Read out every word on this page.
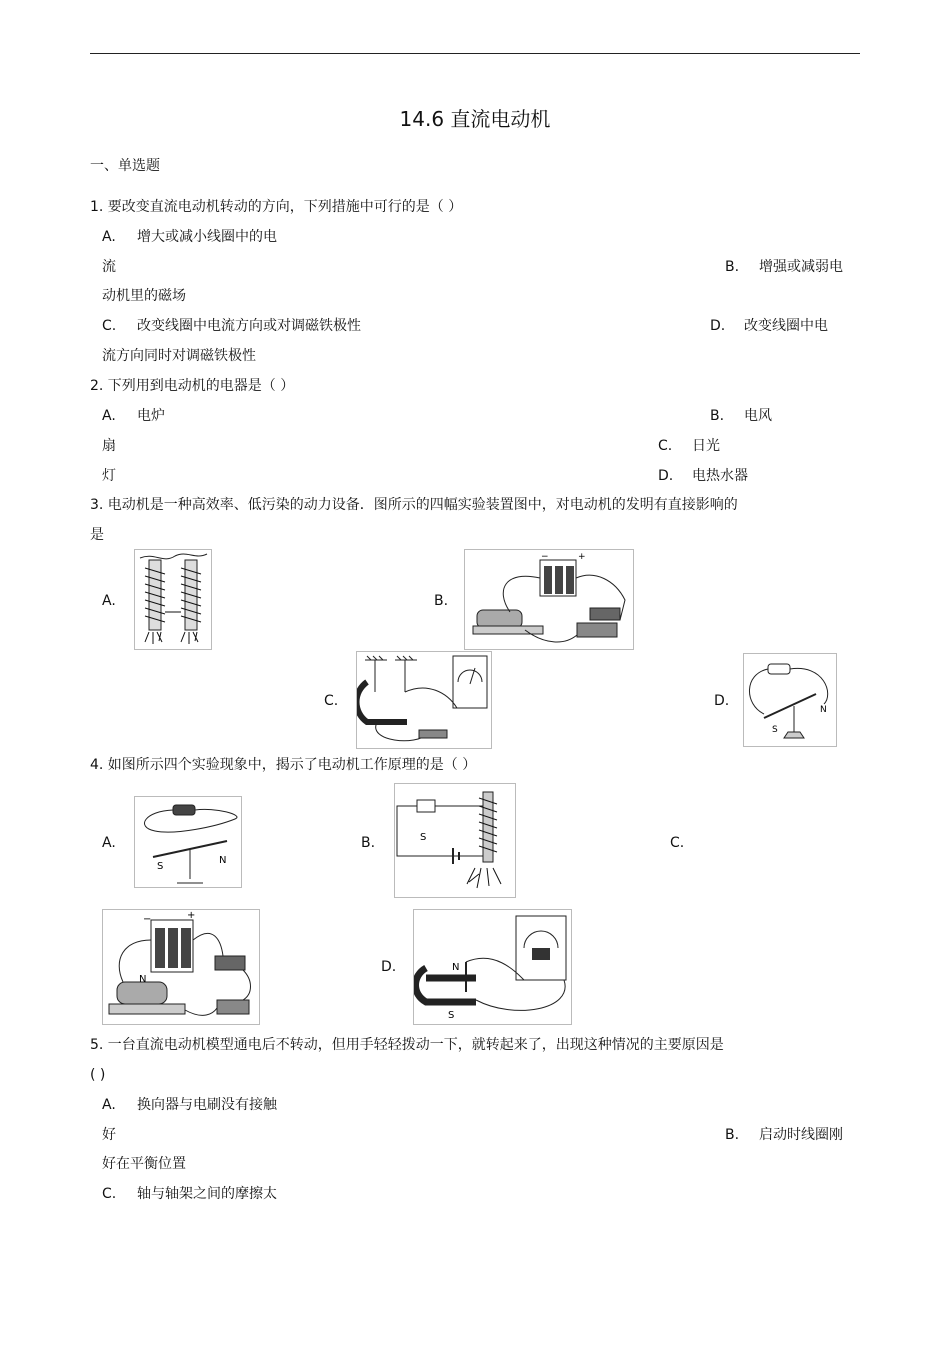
14.6 直流电动机
一、单选题
1. 要改变直流电动机转动的方向，下列措施中可行的是（ ）
A. 增大或减小线圈中的电
流	B. 增强或减弱电
动机里的磁场
C. 改变线圈中电流方向或对调磁铁极性	D. 改变线圈中电
流方向同时对调磁铁极性
2. 下列用到电动机的电器是（ ）
A. 电炉	B. 电风
扇	C. 日光
灯	D. 电热水器
3. 电动机是一种高效率、低污染的动力设备．图所示的四幅实验装置图中，对电动机的发明有直接影响的
是
A.	B.
−	+
C.	D.
S
N
4. 如图所示四个实验现象中，揭示了电动机工作原理的是（ ）
A.
S
N
B.	S	C.
−	+
N
D.	N
S
5. 一台直流电动机模型通电后不转动，但用手轻轻拨动一下，就转起来了，出现这种情况的主要原因是
( )
A. 换向器与电刷没有接触
好	B. 启动时线圈刚
好在平衡位置
C. 轴与轴架之间的摩擦太
